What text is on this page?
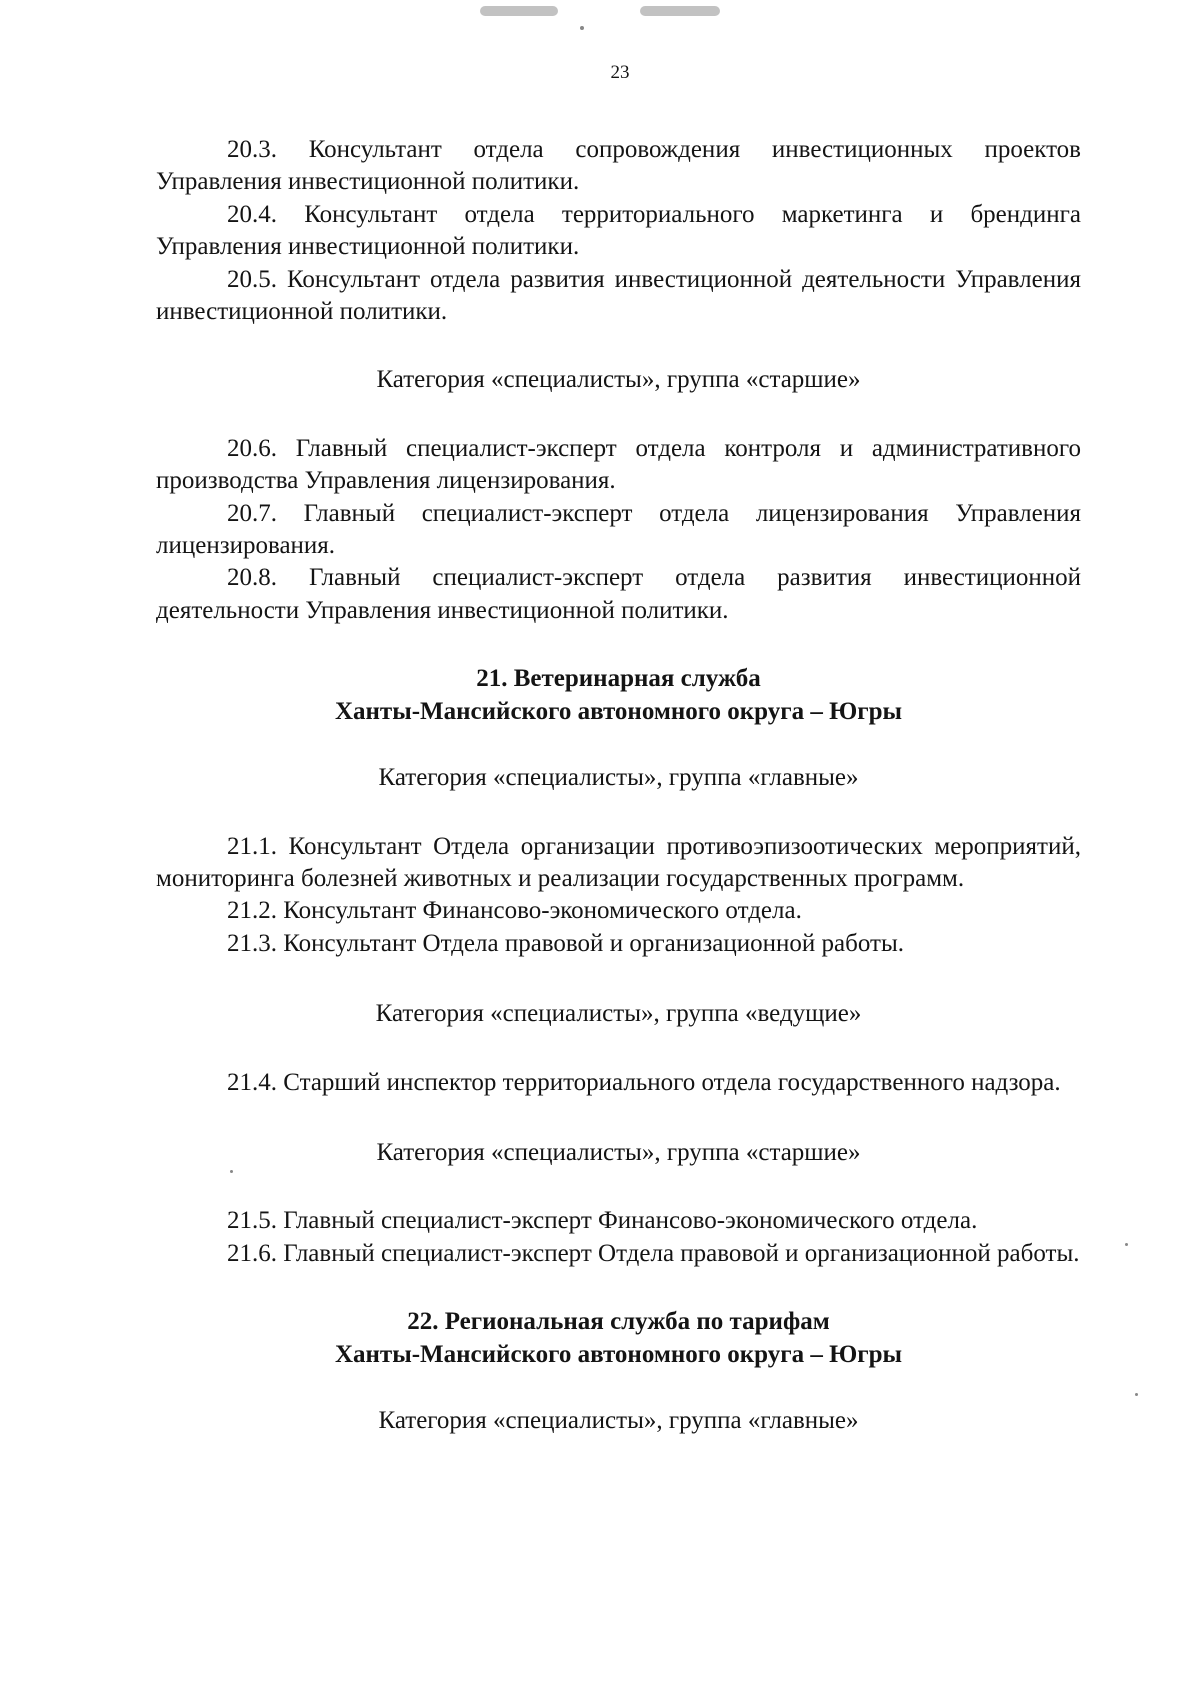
23

20.3. Консультант отдела сопровождения инвестиционных проектов Управления инвестиционной политики.

20.4. Консультант отдела территориального маркетинга и брендинга Управления инвестиционной политики.

20.5. Консультант отдела развития инвестиционной деятельности Управления инвестиционной политики.

Категория «специалисты», группа «старшие»

20.6. Главный специалист-эксперт отдела контроля и административного производства Управления лицензирования.

20.7. Главный специалист-эксперт отдела лицензирования Управления лицензирования.

20.8. Главный специалист-эксперт отдела развития инвестиционной деятельности Управления инвестиционной политики.

21. Ветеринарная служба
Ханты-Мансийского автономного округа – Югры
Категория «специалисты», группа «главные»

21.1. Консультант Отдела организации противоэпизоотических мероприятий, мониторинга болезней животных и реализации государственных программ.

21.2. Консультант Финансово-экономического отдела.

21.3. Консультант Отдела правовой и организационной работы.

Категория «специалисты», группа «ведущие»

21.4. Старший инспектор территориального отдела государственного надзора.

Категория «специалисты», группа «старшие»

21.5. Главный специалист-эксперт Финансово-экономического отдела.

21.6. Главный специалист-эксперт Отдела правовой и организационной работы.

22. Региональная служба по тарифам
Ханты-Мансийского автономного округа – Югры
Категория «специалисты», группа «главные»
